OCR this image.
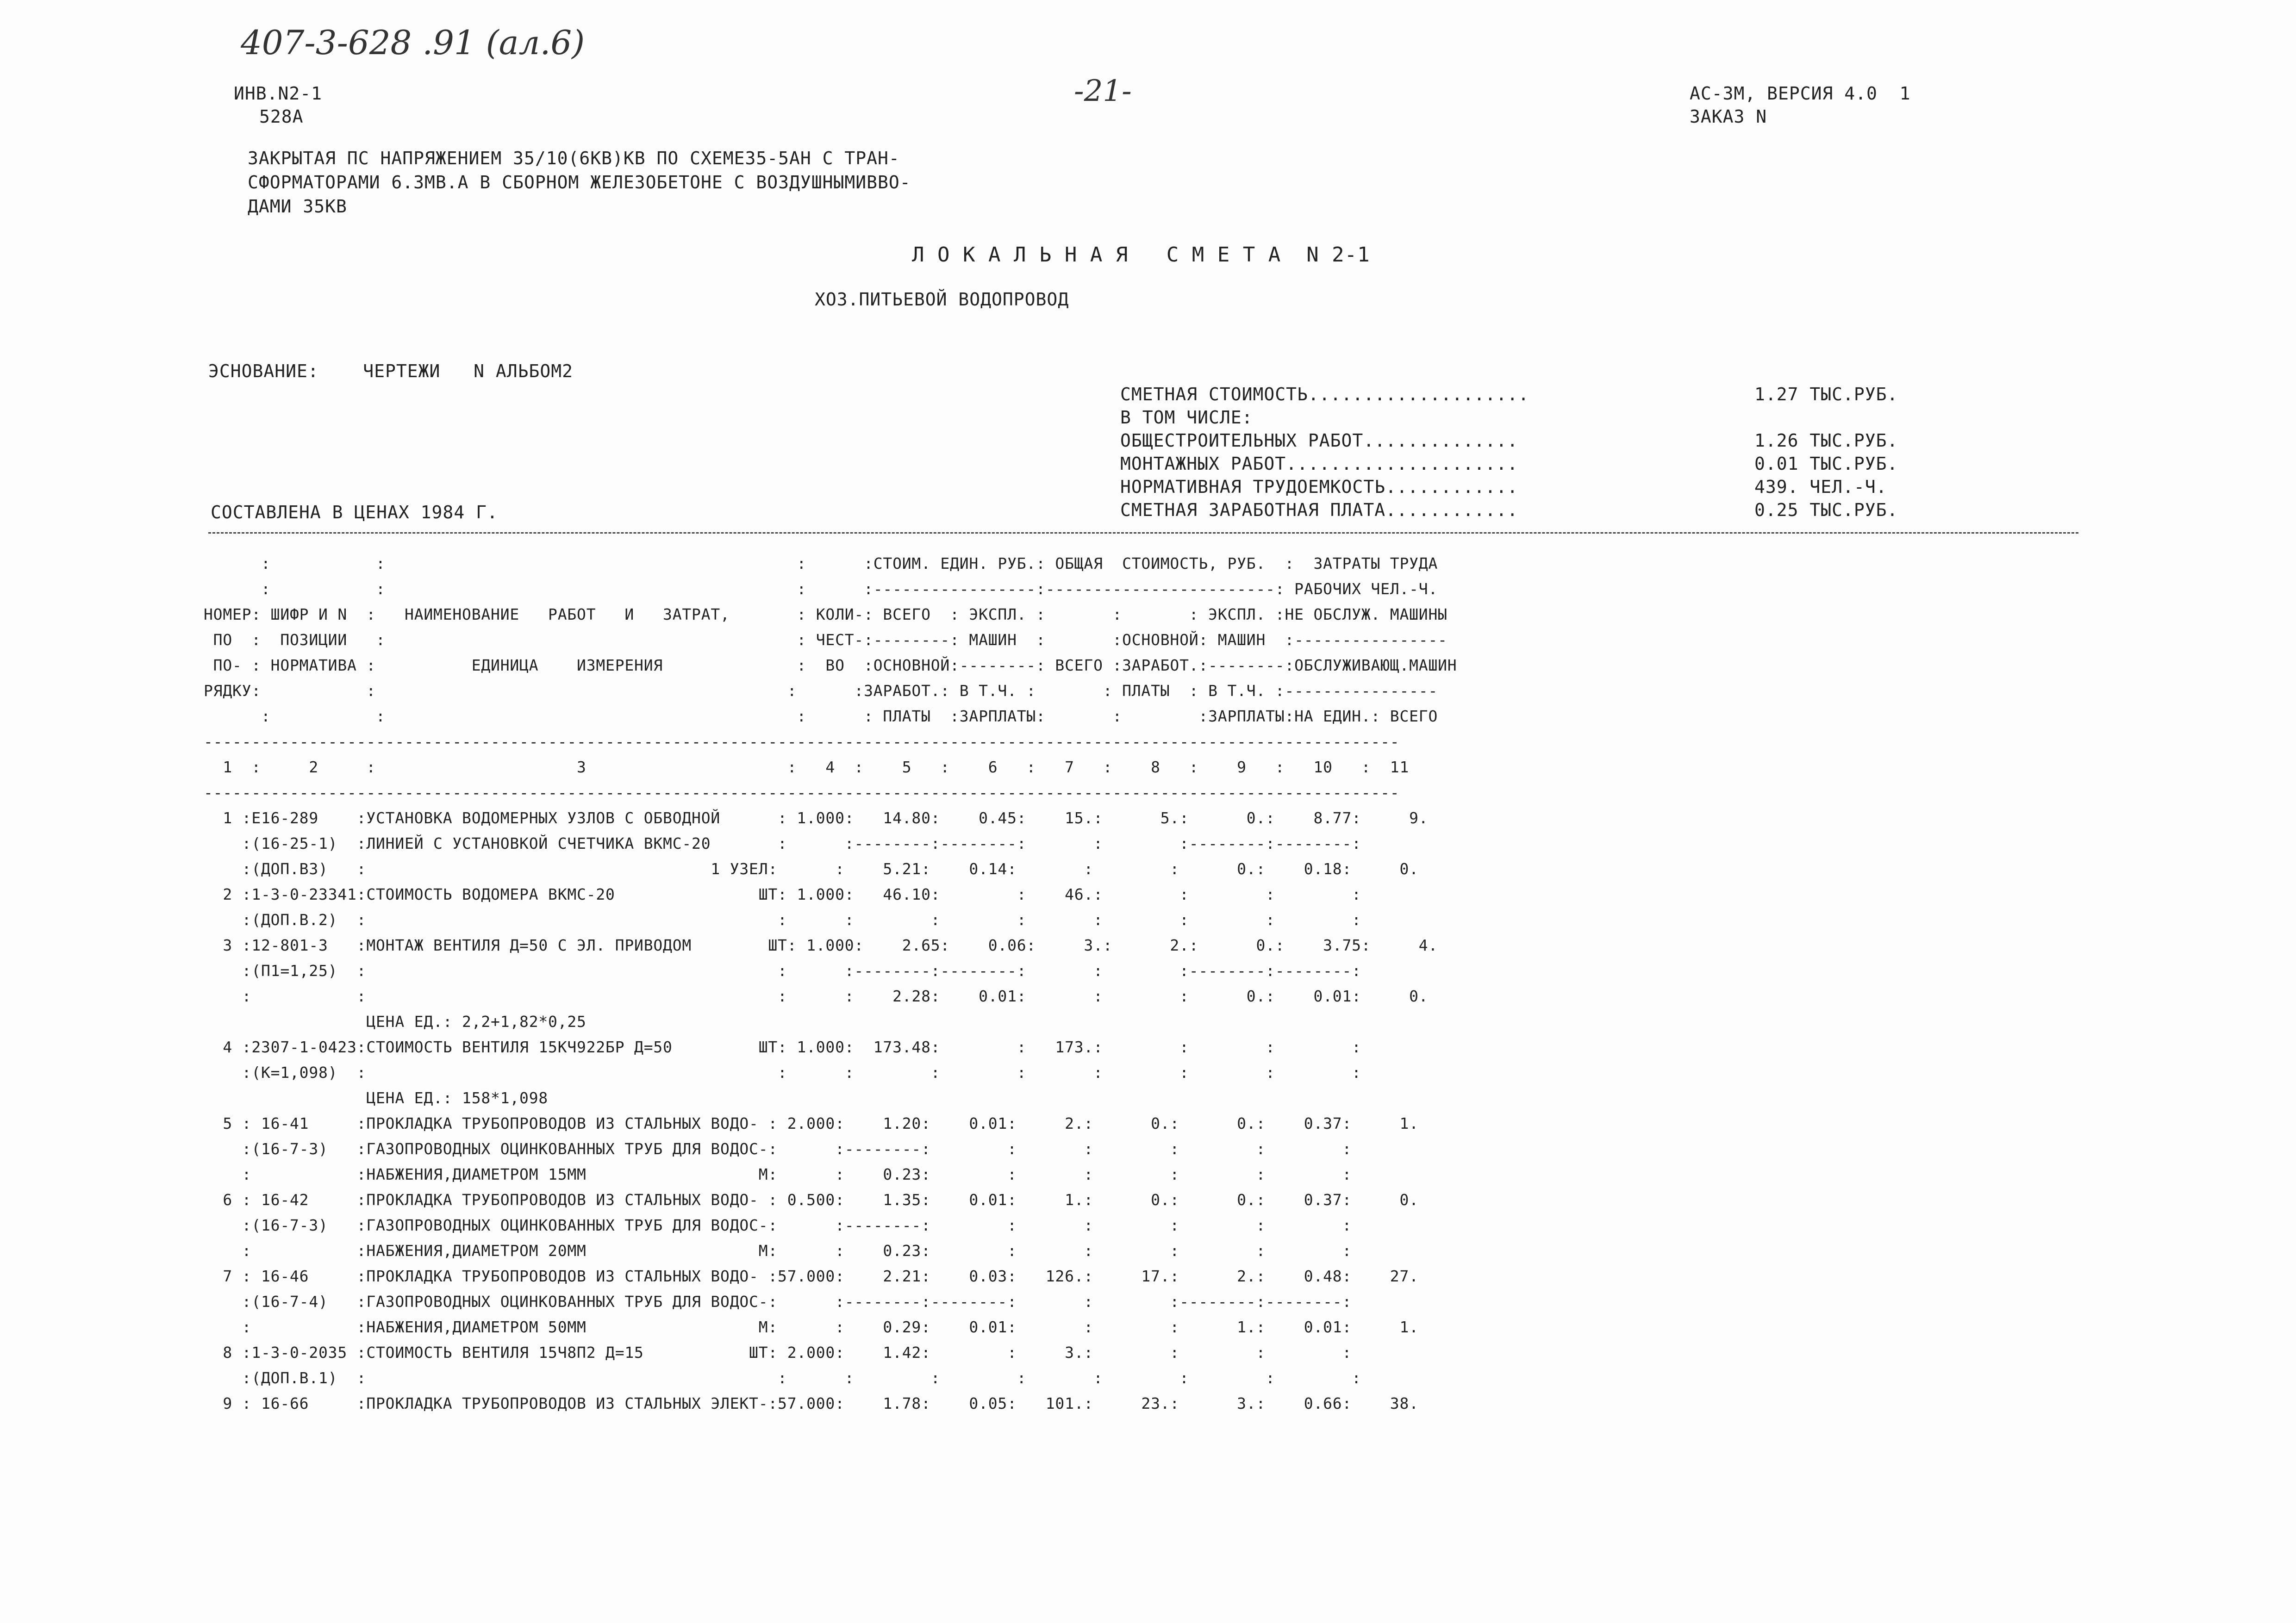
407-3-628 .91 (ал.6)
ИНВ.N2-1
528А
-21-	АС-3М, ВЕРСИЯ 4.0  1
ЗАКАЗ N
ЗАКРЫТАЯ ПС НАПРЯЖЕНИЕМ 35/10(6КВ)КВ ПО СХЕМЕ35-5АН С ТРАН-
СФОРМАТОРАМИ 6.3МВ.А В СБОРНОМ ЖЕЛЕЗОБЕТОНЕ С ВОЗДУШНЫМИВВО-
ДАМИ 35КВ
Л О К А Л Ь Н А Я   С М Е Т А  N 2-1
ХОЗ.ПИТЬЕВОЙ ВОДОПРОВОД
ЭСНОВАНИЕ:    ЧЕРТЕЖИ   N АЛЬБОМ2
СОСТАВЛЕНА В ЦЕНАХ 1984 Г.
СМЕТНАЯ СТОИМОСТЬ....................	1.27 ТЫС.РУБ.
В ТОМ ЧИСЛЕ:
ОБЩЕСТРОИТЕЛЬНЫХ РАБОТ..............	1.26 ТЫС.РУБ.
МОНТАЖНЫХ РАБОТ.....................	0.01 ТЫС.РУБ.
НОРМАТИВНАЯ ТРУДОЕМКОСТЬ............	439. ЧЕЛ.-Ч.
СМЕТНАЯ ЗАРАБОТНАЯ ПЛАТА............	0.25 ТЫС.РУБ.
:           :                                           :      :СТОИМ. ЕДИН. РУБ.: ОБЩАЯ  СТОИМОСТЬ, РУБ.  :  ЗАТРАТЫ ТРУДА
:           :                                           :      :-----------------:------------------------: РАБОЧИХ ЧЕЛ.-Ч.
НОМЕР: ШИФР И N  :   НАИМЕНОВАНИЕ   РАБОТ   И   ЗАТРАТ,       : КОЛИ-: ВСЕГО  : ЭКСПЛ. :       :       : ЭКСПЛ. :НЕ ОБСЛУЖ. МАШИНЫ
ПО  :  ПОЗИЦИИ   :                                           : ЧЕСТ-:--------: МАШИН  :       :ОСНОВНОЙ: МАШИН  :----------------
ПО- : НОРМАТИВА :          ЕДИНИЦА    ИЗМЕРЕНИЯ              :  ВО  :ОСНОВНОЙ:--------: ВСЕГО :ЗАРАБОТ.:--------:ОБСЛУЖИВАЮЩ.МАШИН
РЯДКУ:           :                                           :      :ЗАРАБОТ.: В Т.Ч. :       : ПЛАТЫ  : В Т.Ч. :----------------
:           :                                           :      : ПЛАТЫ  :ЗАРПЛАТЫ:       :        :ЗАРПЛАТЫ:НА ЕДИН.: ВСЕГО
-----------------------------------------------------------------------------------------------------------------------------
1  :     2     :                     3                     :   4  :    5   :    6   :   7   :    8   :    9   :   10   :  11
-----------------------------------------------------------------------------------------------------------------------------
1 :Е16-289    :УСТАНОВКА ВОДОМЕРНЫХ УЗЛОВ С ОБВОДНОЙ      : 1.000:   14.80:    0.45:    15.:      5.:      0.:    8.77:     9.
:(16-25-1)  :ЛИНИЕЙ С УСТАНОВКОЙ СЧЕТЧИКА ВКМС-20       :      :--------:--------:       :        :--------:--------:
:(ДОП.В3)   :                                    1 УЗЕЛ:      :    5.21:    0.14:       :        :      0.:    0.18:     0.
2 :1-3-0-23341:СТОИМОСТЬ ВОДОМЕРА ВКМС-20               ШТ: 1.000:   46.10:        :    46.:        :        :        :
:(ДОП.В.2)  :                                           :      :        :        :       :        :        :        :
3 :12-801-3   :МОНТАЖ ВЕНТИЛЯ Д=50 С ЭЛ. ПРИВОДОМ        ШТ: 1.000:    2.65:    0.06:     3.:      2.:      0.:    3.75:     4.
:(П1=1,25)  :                                           :      :--------:--------:       :        :--------:--------:
:           :                                           :      :    2.28:    0.01:       :        :      0.:    0.01:     0.
ЦЕНА ЕД.: 2,2+1,82*0,25
4 :2307-1-0423:СТОИМОСТЬ ВЕНТИЛЯ 15КЧ922БР Д=50         ШТ: 1.000:  173.48:        :   173.:        :        :        :
:(К=1,098)  :                                           :      :        :        :       :        :        :        :
ЦЕНА ЕД.: 158*1,098
5 : 16-41     :ПРОКЛАДКА ТРУБОПРОВОДОВ ИЗ СТАЛЬНЫХ ВОДО- : 2.000:    1.20:    0.01:     2.:      0.:      0.:    0.37:     1.
:(16-7-3)   :ГАЗОПРОВОДНЫХ ОЦИНКОВАННЫХ ТРУБ ДЛЯ ВОДОС-:      :--------:        :       :        :        :        :
:           :НАБЖЕНИЯ,ДИАМЕТРОМ 15ММ                  М:      :    0.23:        :       :        :        :        :
6 : 16-42     :ПРОКЛАДКА ТРУБОПРОВОДОВ ИЗ СТАЛЬНЫХ ВОДО- : 0.500:    1.35:    0.01:     1.:      0.:      0.:    0.37:     0.
:(16-7-3)   :ГАЗОПРОВОДНЫХ ОЦИНКОВАННЫХ ТРУБ ДЛЯ ВОДОС-:      :--------:        :       :        :        :        :
:           :НАБЖЕНИЯ,ДИАМЕТРОМ 20ММ                  М:      :    0.23:        :       :        :        :        :
7 : 16-46     :ПРОКЛАДКА ТРУБОПРОВОДОВ ИЗ СТАЛЬНЫХ ВОДО- :57.000:    2.21:    0.03:   126.:     17.:      2.:    0.48:    27.
:(16-7-4)   :ГАЗОПРОВОДНЫХ ОЦИНКОВАННЫХ ТРУБ ДЛЯ ВОДОС-:      :--------:--------:       :        :--------:--------:
:           :НАБЖЕНИЯ,ДИАМЕТРОМ 50ММ                  М:      :    0.29:    0.01:       :        :      1.:    0.01:     1.
8 :1-3-0-2035 :СТОИМОСТЬ ВЕНТИЛЯ 15Ч8П2 Д=15           ШТ: 2.000:    1.42:        :     3.:        :        :        :
:(ДОП.В.1)  :                                           :      :        :        :       :        :        :        :
9 : 16-66     :ПРОКЛАДКА ТРУБОПРОВОДОВ ИЗ СТАЛЬНЫХ ЭЛЕКТ-:57.000:    1.78:    0.05:   101.:     23.:      3.:    0.66:    38.
